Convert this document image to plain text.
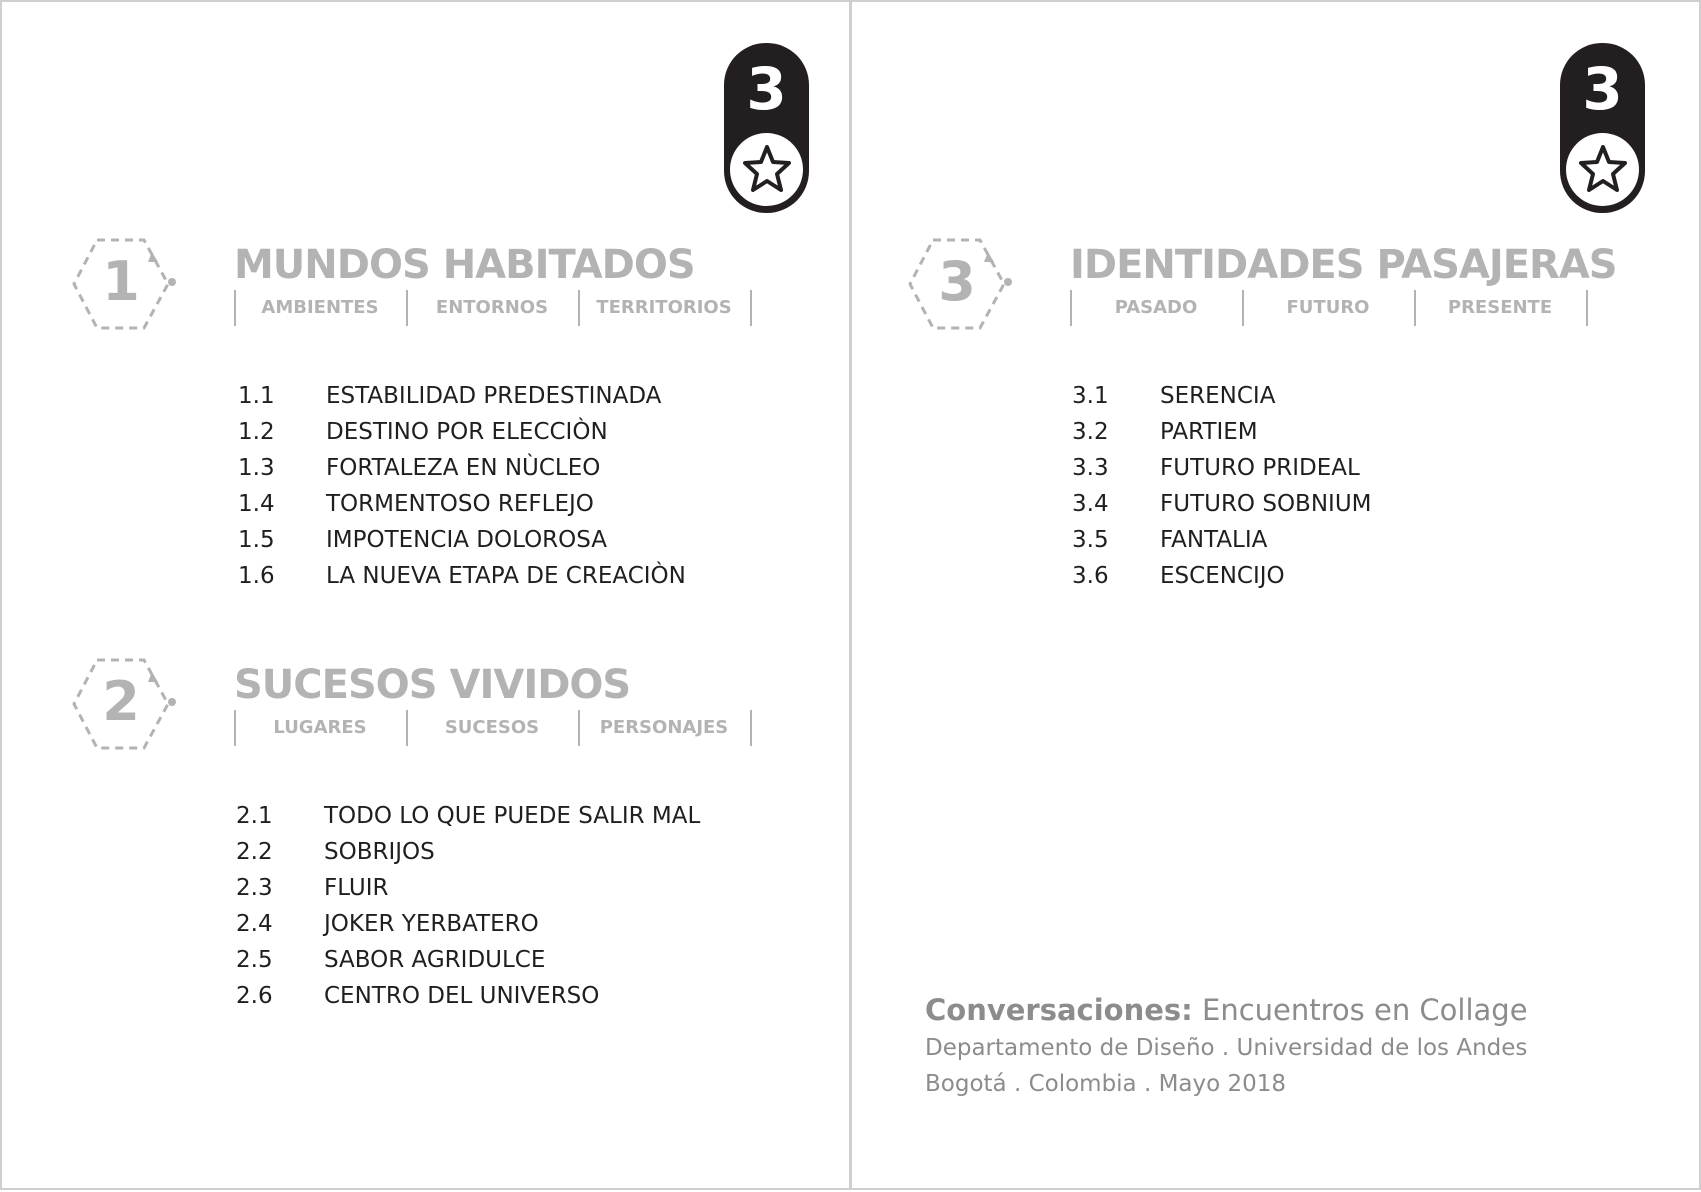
3
1	MUNDOS HABITADOS
AMBIENTES	ENTORNOS	TERRITORIOS
1.1 ESTABILIDAD PREDESTINADA
1.2 DESTINO POR ELECCIÒN
1.3 FORTALEZA EN NÙCLEO
1.4 TORMENTOSO REFLEJO
1.5 IMPOTENCIA DOLOROSA
1.6 LA NUEVA ETAPA DE CREACIÒN
2	SUCESOS VIVIDOS
LUGARES	SUCESOS	PERSONAJES
2.1 TODO LO QUE PUEDE SALIR MAL
2.2 SOBRIJOS
2.3 FLUIR
2.4 JOKER YERBATERO
2.5 SABOR AGRIDULCE
2.6 CENTRO DEL UNIVERSO
3
3	IDENTIDADES PASAJERAS
PASADO	FUTURO	PRESENTE
3.1 SERENCIA
3.2 PARTIEM
3.3 FUTURO PRIDEAL
3.4 FUTURO SOBNIUM
3.5 FANTALIA
3.6 ESCENCIJO
Conversaciones: Encuentros en Collage
Departamento de Diseño . Universidad de los Andes
Bogotá . Colombia . Mayo 2018
